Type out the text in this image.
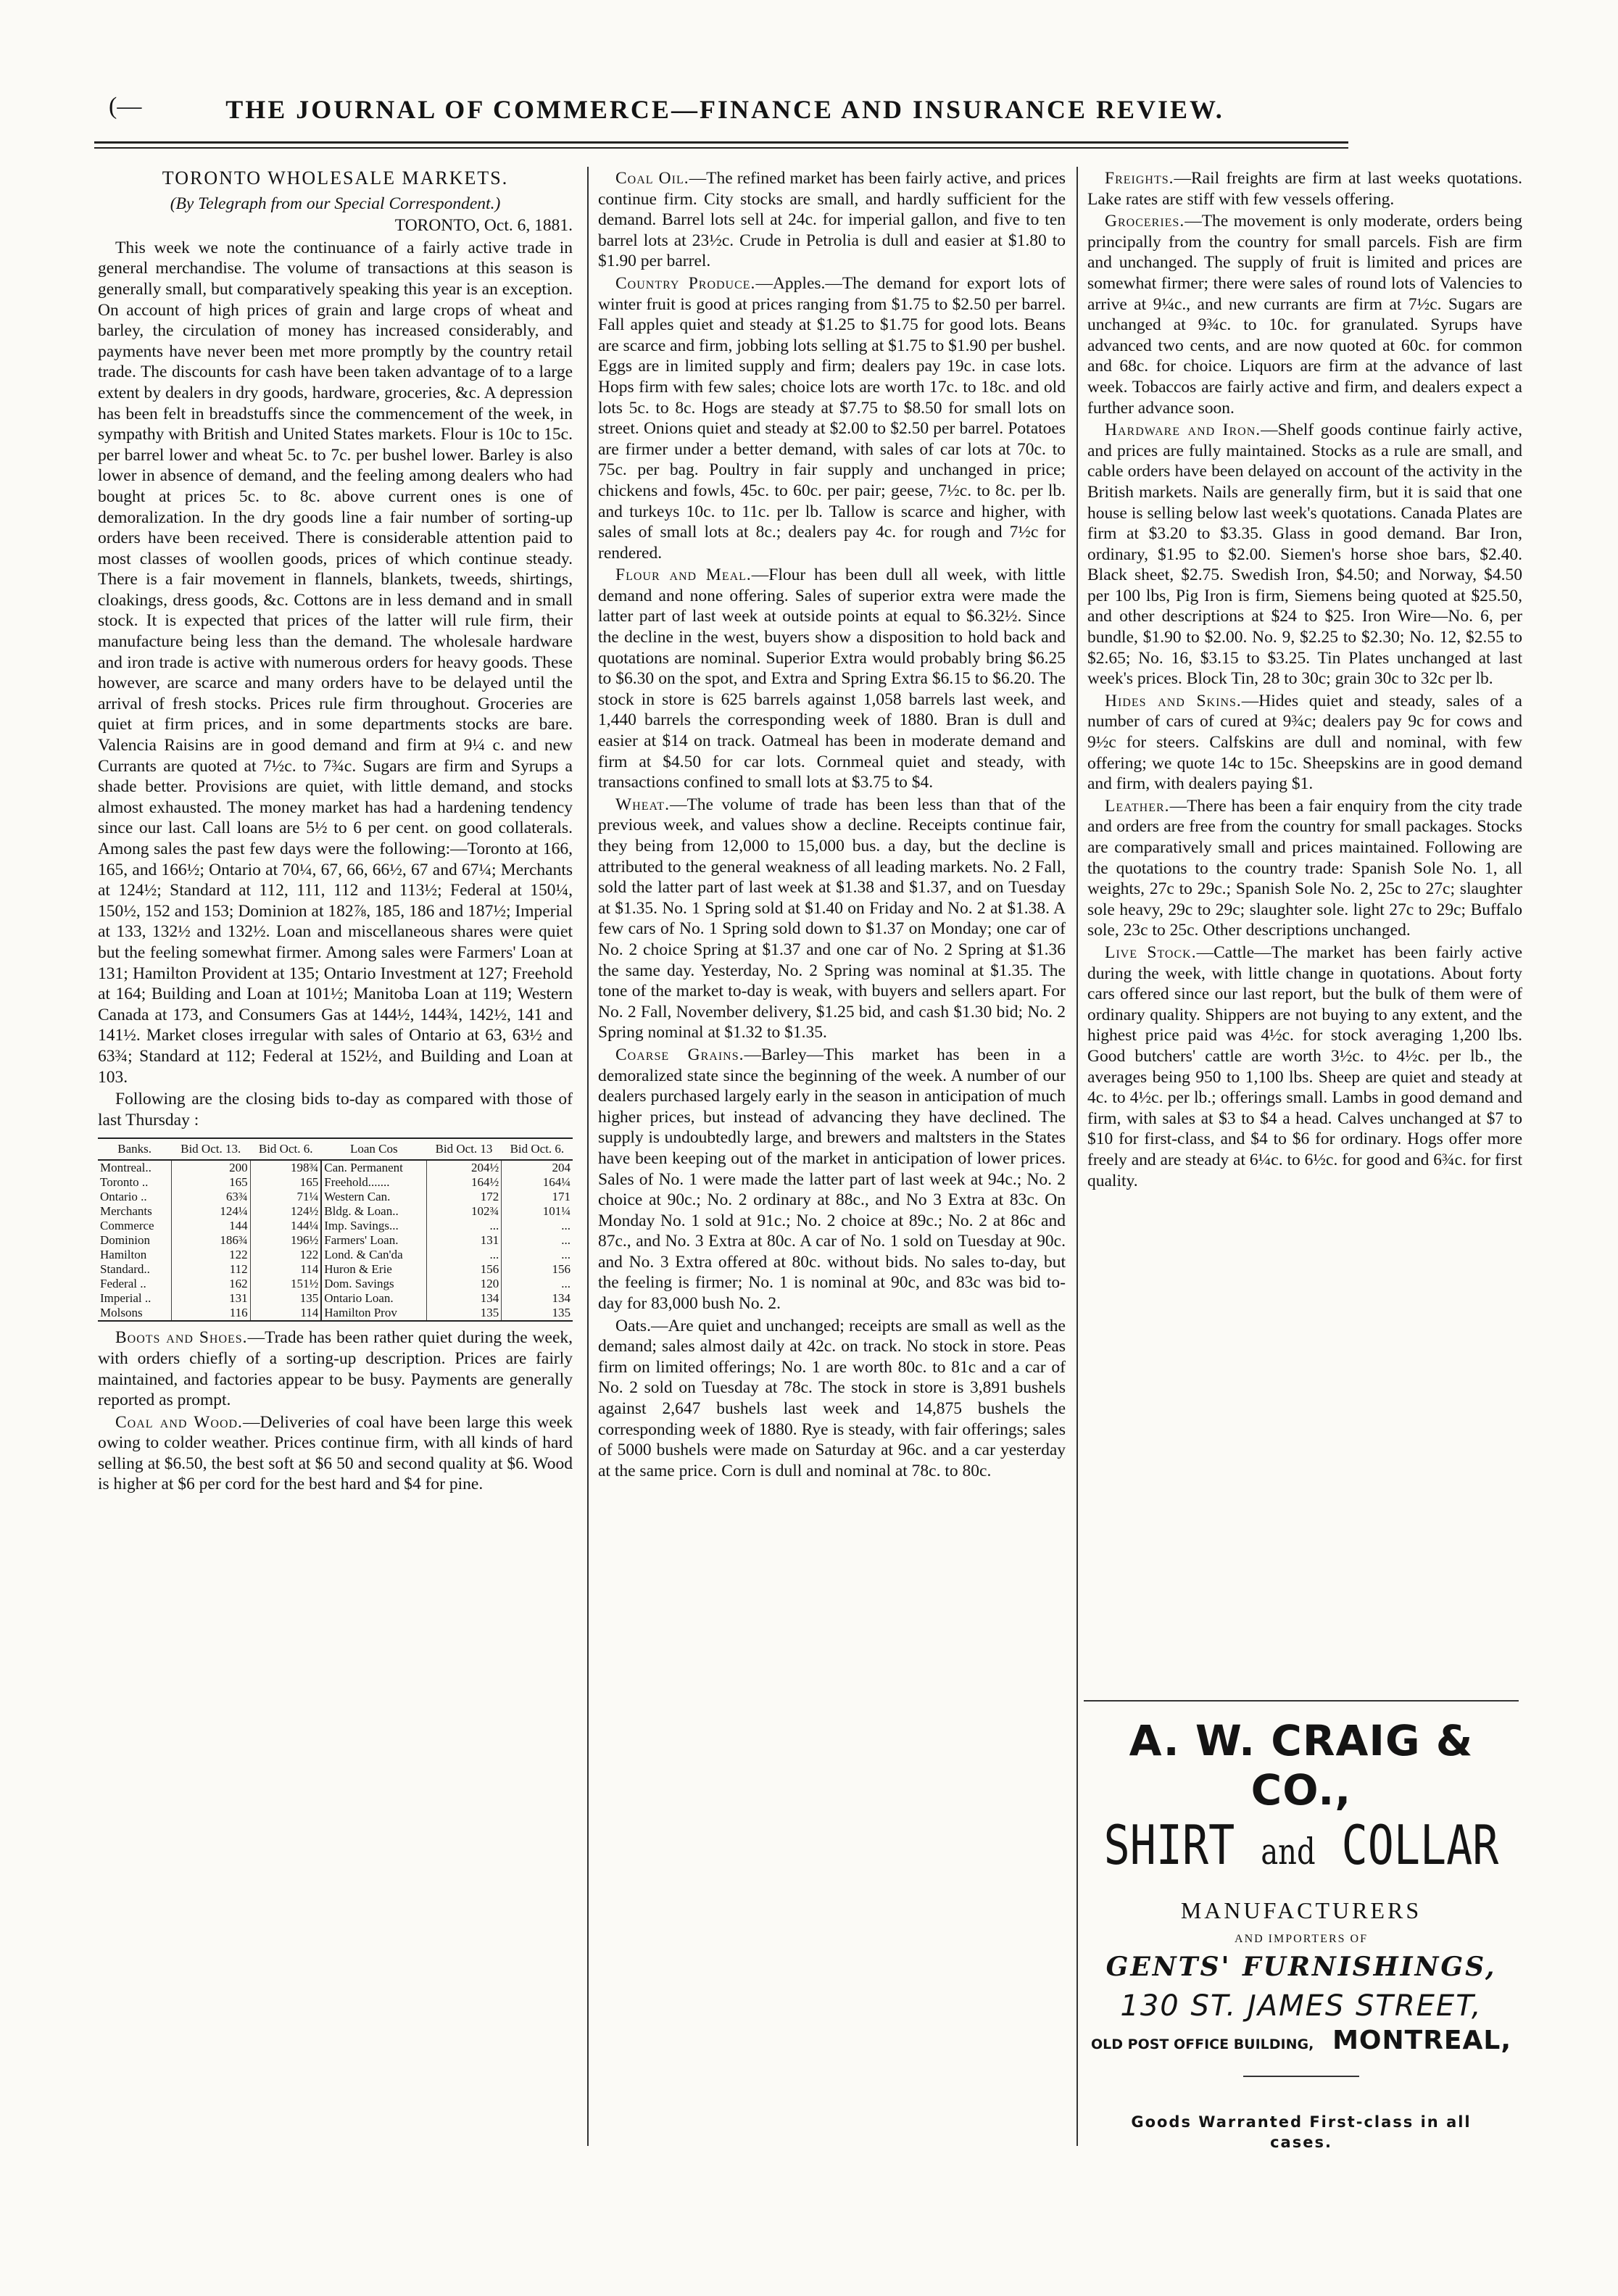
(—	THE JOURNAL OF COMMERCE—FINANCE AND INSURANCE REVIEW.
TORONTO WHOLESALE MARKETS.

(By Telegraph from our Special Correspondent.)

TORONTO, Oct. 6, 1881.

This week we note the continuance of a fairly active trade in general merchandise. The volume of transactions at this season is generally small, but comparatively speaking this year is an exception. On account of high prices of grain and large crops of wheat and barley, the circulation of money has increased considerably, and payments have never been met more promptly by the country retail trade. The discounts for cash have been taken advantage of to a large extent by dealers in dry goods, hardware, groceries, &c. A depression has been felt in breadstuffs since the commencement of the week, in sympathy with British and United States markets. Flour is 10c to 15c. per barrel lower and wheat 5c. to 7c. per bushel lower. Barley is also lower in absence of demand, and the feeling among dealers who had bought at prices 5c. to 8c. above current ones is one of demoralization. In the dry goods line a fair number of sorting-up orders have been received. There is considerable attention paid to most classes of woollen goods, prices of which continue steady. There is a fair movement in flannels, blankets, tweeds, shirtings, cloakings, dress goods, &c. Cottons are in less demand and in small stock. It is expected that prices of the latter will rule firm, their manufacture being less than the demand. The wholesale hardware and iron trade is active with numerous orders for heavy goods. These however, are scarce and many orders have to be delayed until the arrival of fresh stocks. Prices rule firm throughout. Groceries are quiet at firm prices, and in some departments stocks are bare. Valencia Raisins are in good demand and firm at 9¼ c. and new Currants are quoted at 7½c. to 7¾c. Sugars are firm and Syrups a shade better. Provisions are quiet, with little demand, and stocks almost exhausted. The money market has had a hardening tendency since our last. Call loans are 5½ to 6 per cent. on good collaterals. Among sales the past few days were the following:—Toronto at 166, 165, and 166½; Ontario at 70¼, 67, 66, 66½, 67 and 67¼; Merchants at 124½; Standard at 112, 111, 112 and 113½; Federal at 150¼, 150½, 152 and 153; Dominion at 182⅞, 185, 186 and 187½; Imperial at 133, 132½ and 132½. Loan and miscellaneous shares were quiet but the feeling somewhat firmer. Among sales were Farmers' Loan at 131; Hamilton Provident at 135; Ontario Investment at 127; Freehold at 164; Building and Loan at 101½; Manitoba Loan at 119; Western Canada at 173, and Consumers Gas at 144½, 144¾, 142½, 141 and 141½. Market closes irregular with sales of Ontario at 63, 63½ and 63¾; Standard at 112; Federal at 152½, and Building and Loan at 103.

Following are the closing bids to-day as compared with those of last Thursday :

Banks.	Bid Oct. 13.	Bid Oct. 6.	Loan Cos	Bid Oct. 13	Bid Oct. 6.
Montreal..	200	198¾	Can. Permanent	204½	204
Toronto ..	165	165	Freehold.......	164½	164¼
Ontario ..	63¾	71¼	Western Can.	172	171
Merchants	124¼	124½	Bldg. & Loan..	102¾	101¼
Commerce	144	144¼	Imp. Savings...	...	...
Dominion	186¾	196½	Farmers' Loan.	131	...
Hamilton	122	122	Lond. & Can'da	...	...
Standard..	112	114	Huron & Erie	156	156
Federal ..	162	151½	Dom. Savings	120	...
Imperial ..	131	135	Ontario Loan.	134	134
Molsons	116	114	Hamilton Prov	135	135

Boots and Shoes.—Trade has been rather quiet during the week, with orders chiefly of a sorting-up description. Prices are fairly maintained, and factories appear to be busy. Payments are generally reported as prompt.

Coal and Wood.—Deliveries of coal have been large this week owing to colder weather. Prices continue firm, with all kinds of hard selling at $6.50, the best soft at $6 50 and second quality at $6. Wood is higher at $6 per cord for the best hard and $4 for pine.

Coal Oil.—The refined market has been fairly active, and prices continue firm. City stocks are small, and hardly sufficient for the demand. Barrel lots sell at 24c. for imperial gallon, and five to ten barrel lots at 23½c. Crude in Petrolia is dull and easier at $1.80 to $1.90 per barrel.

Country Produce.—Apples.—The demand for export lots of winter fruit is good at prices ranging from $1.75 to $2.50 per barrel. Fall apples quiet and steady at $1.25 to $1.75 for good lots. Beans are scarce and firm, jobbing lots selling at $1.75 to $1.90 per bushel. Eggs are in limited supply and firm; dealers pay 19c. in case lots. Hops firm with few sales; choice lots are worth 17c. to 18c. and old lots 5c. to 8c. Hogs are steady at $7.75 to $8.50 for small lots on street. Onions quiet and steady at $2.00 to $2.50 per barrel. Potatoes are firmer under a better demand, with sales of car lots at 70c. to 75c. per bag. Poultry in fair supply and unchanged in price; chickens and fowls, 45c. to 60c. per pair; geese, 7½c. to 8c. per lb. and turkeys 10c. to 11c. per lb. Tallow is scarce and higher, with sales of small lots at 8c.; dealers pay 4c. for rough and 7½c for rendered.

Flour and Meal.—Flour has been dull all week, with little demand and none offering. Sales of superior extra were made the latter part of last week at outside points at equal to $6.32½. Since the decline in the west, buyers show a disposition to hold back and quotations are nominal. Superior Extra would probably bring $6.25 to $6.30 on the spot, and Extra and Spring Extra $6.15 to $6.20. The stock in store is 625 barrels against 1,058 barrels last week, and 1,440 barrels the corresponding week of 1880. Bran is dull and easier at $14 on track. Oatmeal has been in moderate demand and firm at $4.50 for car lots. Cornmeal quiet and steady, with transactions confined to small lots at $3.75 to $4.

Wheat.—The volume of trade has been less than that of the previous week, and values show a decline. Receipts continue fair, they being from 12,000 to 15,000 bus. a day, but the decline is attributed to the general weakness of all leading markets. No. 2 Fall, sold the latter part of last week at $1.38 and $1.37, and on Tuesday at $1.35. No. 1 Spring sold at $1.40 on Friday and No. 2 at $1.38. A few cars of No. 1 Spring sold down to $1.37 on Monday; one car of No. 2 choice Spring at $1.37 and one car of No. 2 Spring at $1.36 the same day. Yesterday, No. 2 Spring was nominal at $1.35. The tone of the market to-day is weak, with buyers and sellers apart. For No. 2 Fall, November delivery, $1.25 bid, and cash $1.30 bid; No. 2 Spring nominal at $1.32 to $1.35.

Coarse Grains.—Barley—This market has been in a demoralized state since the beginning of the week. A number of our dealers purchased largely early in the season in anticipation of much higher prices, but instead of advancing they have declined. The supply is undoubtedly large, and brewers and maltsters in the States have been keeping out of the market in anticipation of lower prices. Sales of No. 1 were made the latter part of last week at 94c.; No. 2 choice at 90c.; No. 2 ordinary at 88c., and No 3 Extra at 83c. On Monday No. 1 sold at 91c.; No. 2 choice at 89c.; No. 2 at 86c and 87c., and No. 3 Extra at 80c. A car of No. 1 sold on Tuesday at 90c. and No. 3 Extra offered at 80c. without bids. No sales to-day, but the feeling is firmer; No. 1 is nominal at 90c, and 83c was bid to-day for 83,000 bush No. 2.

Oats.—Are quiet and unchanged; receipts are small as well as the demand; sales almost daily at 42c. on track. No stock in store. Peas firm on limited offerings; No. 1 are worth 80c. to 81c and a car of No. 2 sold on Tuesday at 78c. The stock in store is 3,891 bushels against 2,647 bushels last week and 14,875 bushels the corresponding week of 1880. Rye is steady, with fair offerings; sales of 5000 bushels were made on Saturday at 96c. and a car yesterday at the same price. Corn is dull and nominal at 78c. to 80c.

Freights.—Rail freights are firm at last weeks quotations. Lake rates are stiff with few vessels offering.

Groceries.—The movement is only moderate, orders being principally from the country for small parcels. Fish are firm and unchanged. The supply of fruit is limited and prices are somewhat firmer; there were sales of round lots of Valencies to arrive at 9¼c., and new currants are firm at 7½c. Sugars are unchanged at 9¾c. to 10c. for granulated. Syrups have advanced two cents, and are now quoted at 60c. for common and 68c. for choice. Liquors are firm at the advance of last week. Tobaccos are fairly active and firm, and dealers expect a further advance soon.

Hardware and Iron.—Shelf goods continue fairly active, and prices are fully maintained. Stocks as a rule are small, and cable orders have been delayed on account of the activity in the British markets. Nails are generally firm, but it is said that one house is selling below last week's quotations. Canada Plates are firm at $3.20 to $3.35. Glass in good demand. Bar Iron, ordinary, $1.95 to $2.00. Siemen's horse shoe bars, $2.40. Black sheet, $2.75. Swedish Iron, $4.50; and Norway, $4.50 per 100 lbs, Pig Iron is firm, Siemens being quoted at $25.50, and other descriptions at $24 to $25. Iron Wire—No. 6, per bundle, $1.90 to $2.00. No. 9, $2.25 to $2.30; No. 12, $2.55 to $2.65; No. 16, $3.15 to $3.25. Tin Plates unchanged at last week's prices. Block Tin, 28 to 30c; grain 30c to 32c per lb.

Hides and Skins.—Hides quiet and steady, sales of a number of cars of cured at 9¾c; dealers pay 9c for cows and 9½c for steers. Calfskins are dull and nominal, with few offering; we quote 14c to 15c. Sheepskins are in good demand and firm, with dealers paying $1.

Leather.—There has been a fair enquiry from the city trade and orders are free from the country for small packages. Stocks are comparatively small and prices maintained. Following are the quotations to the country trade: Spanish Sole No. 1, all weights, 27c to 29c.; Spanish Sole No. 2, 25c to 27c; slaughter sole heavy, 29c to 29c; slaughter sole. light 27c to 29c; Buffalo sole, 23c to 25c. Other descriptions unchanged.

Live Stock.—Cattle—The market has been fairly active during the week, with little change in quotations. About forty cars offered since our last report, but the bulk of them were of ordinary quality. Shippers are not buying to any extent, and the highest price paid was 4½c. for stock averaging 1,200 lbs. Good butchers' cattle are worth 3½c. to 4½c. per lb., the averages being 950 to 1,100 lbs. Sheep are quiet and steady at 4c. to 4½c. per lb.; offerings small. Lambs in good demand and firm, with sales at $3 to $4 a head. Calves unchanged at $7 to $10 for first-class, and $4 to $6 for ordinary. Hogs offer more freely and are steady at 6¼c. to 6½c. for good and 6¾c. for first quality.

A. W. CRAIG & CO.,
SHIRT and COLLAR
MANUFACTURERS
AND IMPORTERS OF
GENTS' FURNISHINGS,
130 ST. JAMES STREET,
OLD POST OFFICE BUILDING, MONTREAL,
Goods Warranted First-class in all cases.
